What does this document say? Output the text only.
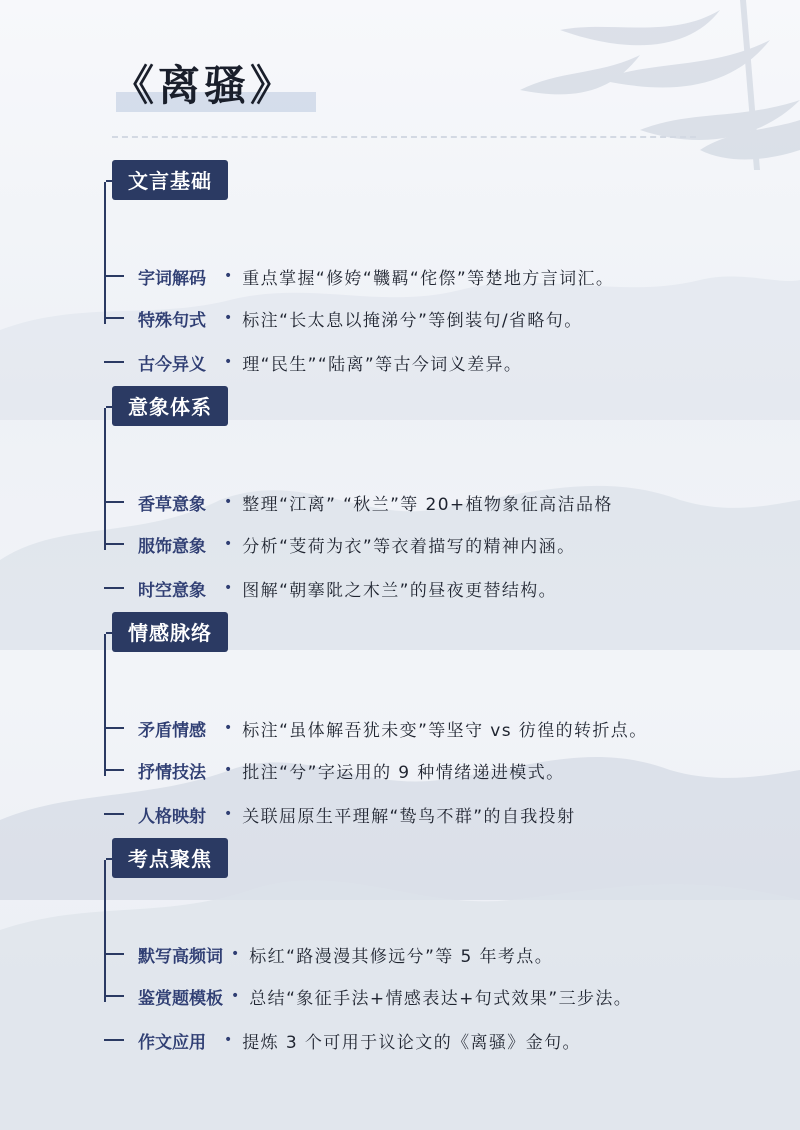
《离骚》
文言基础
字词解码	• 重点掌握“修姱“鞿羁“侘傺”等楚地方言词汇。
特殊句式	• 标注“长太息以掩涕兮”等倒装句/省略句。
古今异义	• 理“民生”“陆离”等古今词义差异。
意象体系
香草意象	• 整理“江离” “秋兰”等 20+植物象征高洁品格
服饰意象	• 分析“芰荷为衣”等衣着描写的精神内涵。
时空意象	• 图解“朝搴阰之木兰”的昼夜更替结构。
情感脉络
矛盾情感	• 标注“虽体解吾犹未变”等坚守 vs 彷徨的转折点。
抒情技法	• 批注“兮”字运用的 9 种情绪递进模式。
人格映射	• 关联屈原生平理解“鸷鸟不群”的自我投射
考点聚焦
默写高频词 • 标红“路漫漫其修远兮”等 5 年考点。
鉴赏题模板 • 总结“象征手法+情感表达+句式效果”三步法。
作文应用	• 提炼 3 个可用于议论文的《离骚》金句。
